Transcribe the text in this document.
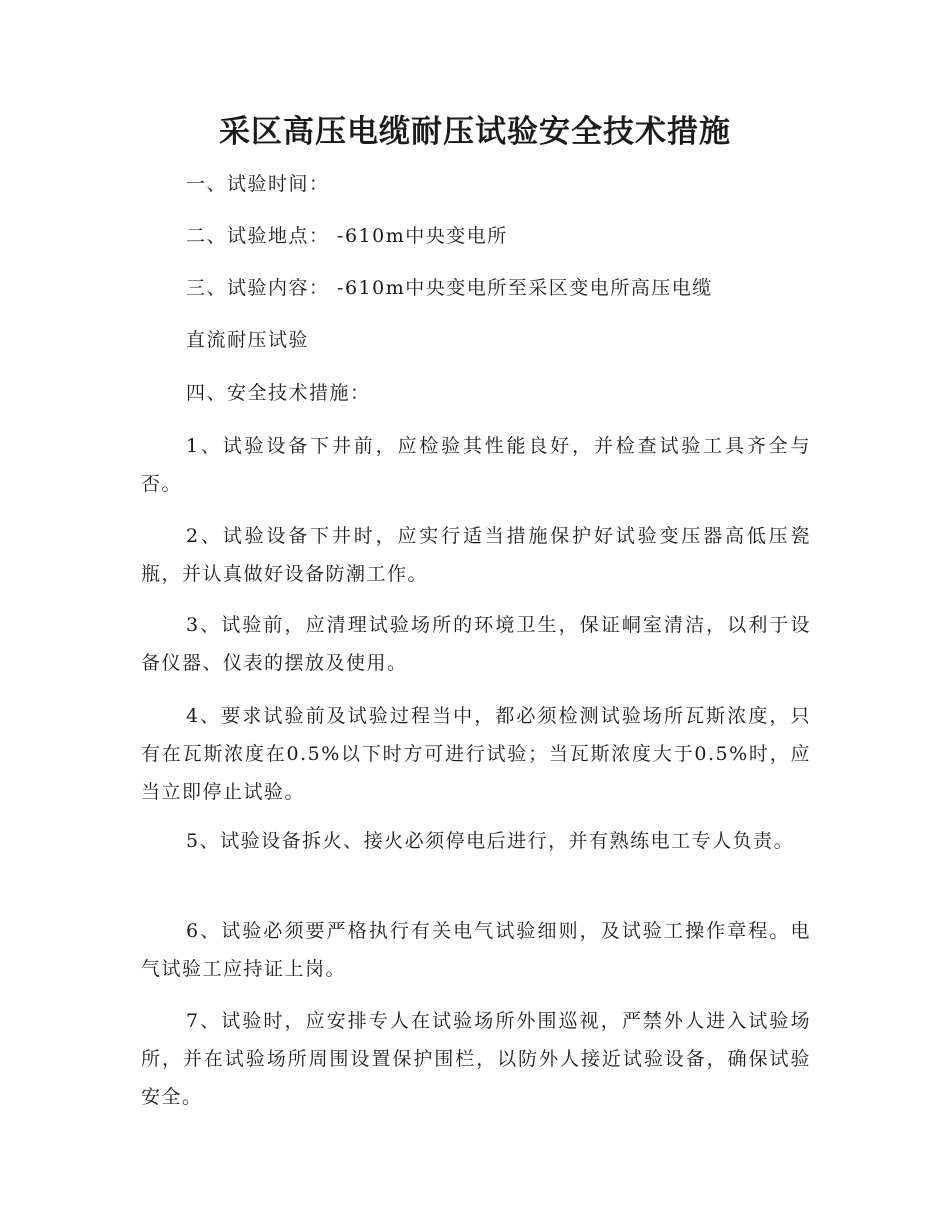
采区高压电缆耐压试验安全技术措施
一、试验时间：
二、试验地点： -610m中央变电所
三、试验内容： -610m中央变电所至采区变电所高压电缆
直流耐压试验
四、安全技术措施：
1、试验设备下井前，应检验其性能良好，并检查试验工具齐全与否。
2、试验设备下井时，应实行适当措施保护好试验变压器高低压瓷瓶，并认真做好设备防潮工作。
3、试验前，应清理试验场所的环境卫生，保证峒室清洁，以利于设备仪器、仪表的摆放及使用。
4、要求试验前及试验过程当中，都必须检测试验场所瓦斯浓度，只有在瓦斯浓度在0.5%以下时方可进行试验；当瓦斯浓度大于0.5%时，应当立即停止试验。
5、试验设备拆火、接火必须停电后进行，并有熟练电工专人负责。
6、试验必须要严格执行有关电气试验细则，及试验工操作章程。电气试验工应持证上岗。
7、试验时，应安排专人在试验场所外围巡视，严禁外人进入试验场所，并在试验场所周围设置保护围栏，以防外人接近试验设备，确保试验安全。
